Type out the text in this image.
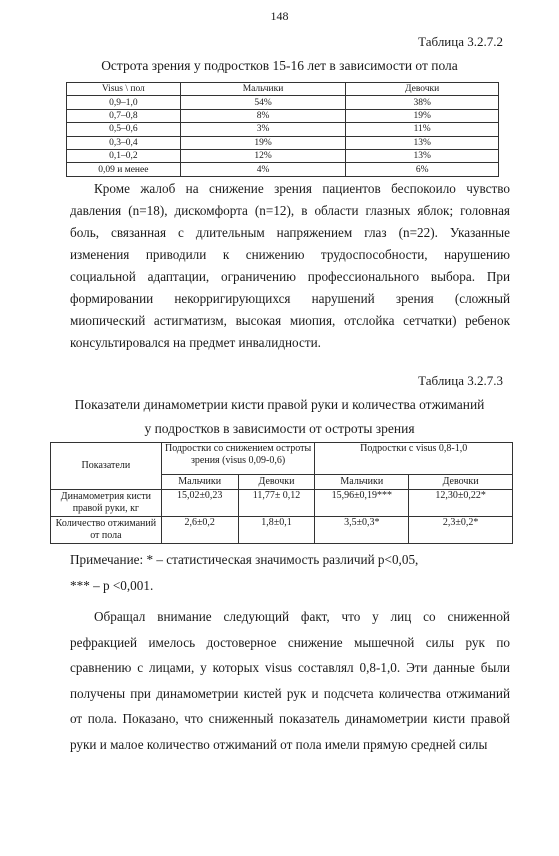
148
Таблица 3.2.7.2
Острота зрения у подростков 15-16 лет в зависимости от пола
Visus \ пол	Мальчики	Девочки
0,9–1,0	54%	38%
0,7–0,8	8%	19%
0,5–0,6	3%	11%
0,3–0,4	19%	13%
0,1–0,2	12%	13%
0,09 и менее	4%	6%

Кроме жалоб на снижение зрения пациентов беспокоило чувство давления (n=18), дискомфорта (n=12), в области глазных яблок; головная боль, связанная с длительным напряжением глаз (n=22). Указанные изменения приводили к снижению трудоспособности, нарушению социальной адаптации, ограничению профессионального выбора. При формировании некорригирующихся нарушений зрения (сложный миопический астигматизм, высокая миопия, отслойка сетчатки) ребенок консультировался на предмет инвалидности.

Таблица 3.2.7.3
Показатели динамометрии кисти правой руки и количества отжиманий
у подростков в зависимости от остроты зрения
Показатели	Подростки со снижением остроты зрения (visus 0,09-0,6)		Подростки с visus 0,8-1,0	
	Мальчики	Девочки	Мальчики	Девочки
Динамометрия кисти правой руки, кг	15,02±0,23	11,77± 0,12	15,96±0,19***	12,30±0,22*
Количество отжиманий от пола	2,6±0,2	1,8±0,1	3,5±0,3*	2,3±0,2*
Примечание: * – статистическая значимость различий p<0,05,
*** – p <0,001.

Обращал внимание следующий факт, что у лиц со сниженной рефракцией имелось достоверное снижение мышечной силы рук по сравнению с лицами, у которых visus составлял 0,8-1,0. Эти данные были получены при динамометрии кистей рук и подсчета количества отжиманий от пола. Показано, что сниженный показатель динамометрии кисти правой руки и малое количество отжиманий от пола имели прямую средней силы
